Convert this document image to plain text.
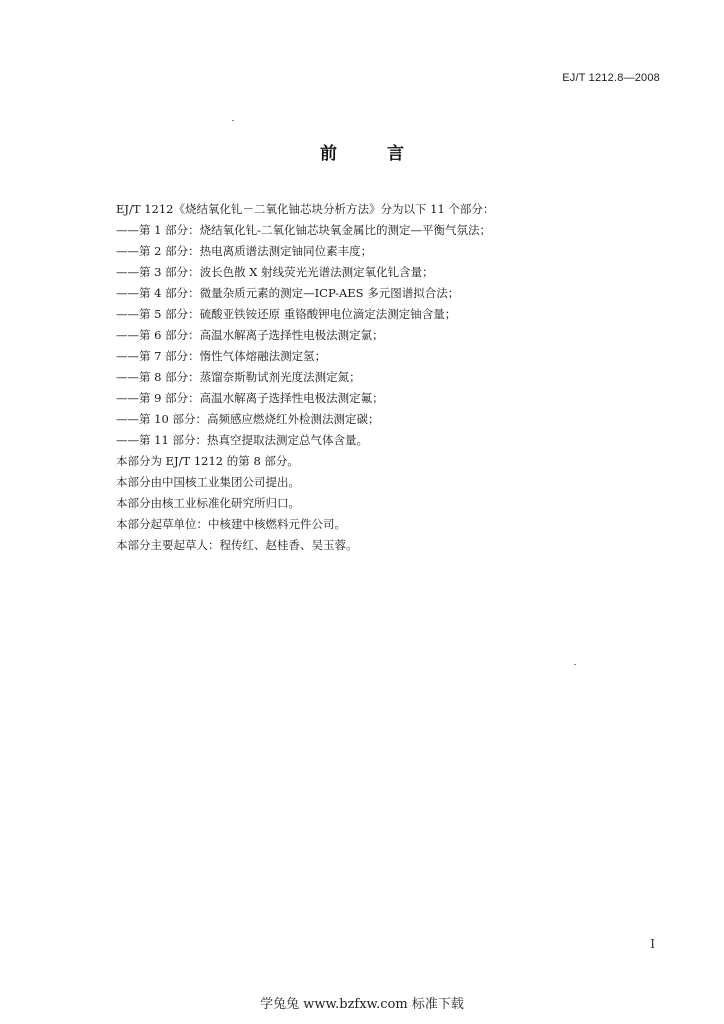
EJ/T 1212.8—2008
前 言
EJ/T 1212《烧结氧化钆－二氧化铀芯块分析方法》分为以下 11 个部分：
——第 1 部分：烧结氧化钆-二氧化铀芯块氧金属比的测定—平衡气氛法；
——第 2 部分：热电离质谱法测定铀同位素丰度；
——第 3 部分：波长色散 X 射线荧光光谱法测定氧化钆含量；
——第 4 部分：微量杂质元素的测定—ICP-AES 多元图谱拟合法；
——第 5 部分：硫酸亚铁铵还原 重铬酸钾电位滴定法测定铀含量；
——第 6 部分：高温水解离子选择性电极法测定氯；
——第 7 部分：惰性气体熔融法测定氢；
——第 8 部分：蒸馏奈斯勒试剂光度法测定氮；
——第 9 部分：高温水解离子选择性电极法测定氟；
——第 10 部分：高频感应燃烧红外检测法测定碳；
——第 11 部分：热真空提取法测定总气体含量。
本部分为 EJ/T 1212 的第 8 部分。
本部分由中国核工业集团公司提出。
本部分由核工业标准化研究所归口。
本部分起草单位：中核建中核燃料元件公司。
本部分主要起草人：程传红、赵桂香、吴玉蓉。
I
学兔兔 www.bzfxw.com 标准下载
